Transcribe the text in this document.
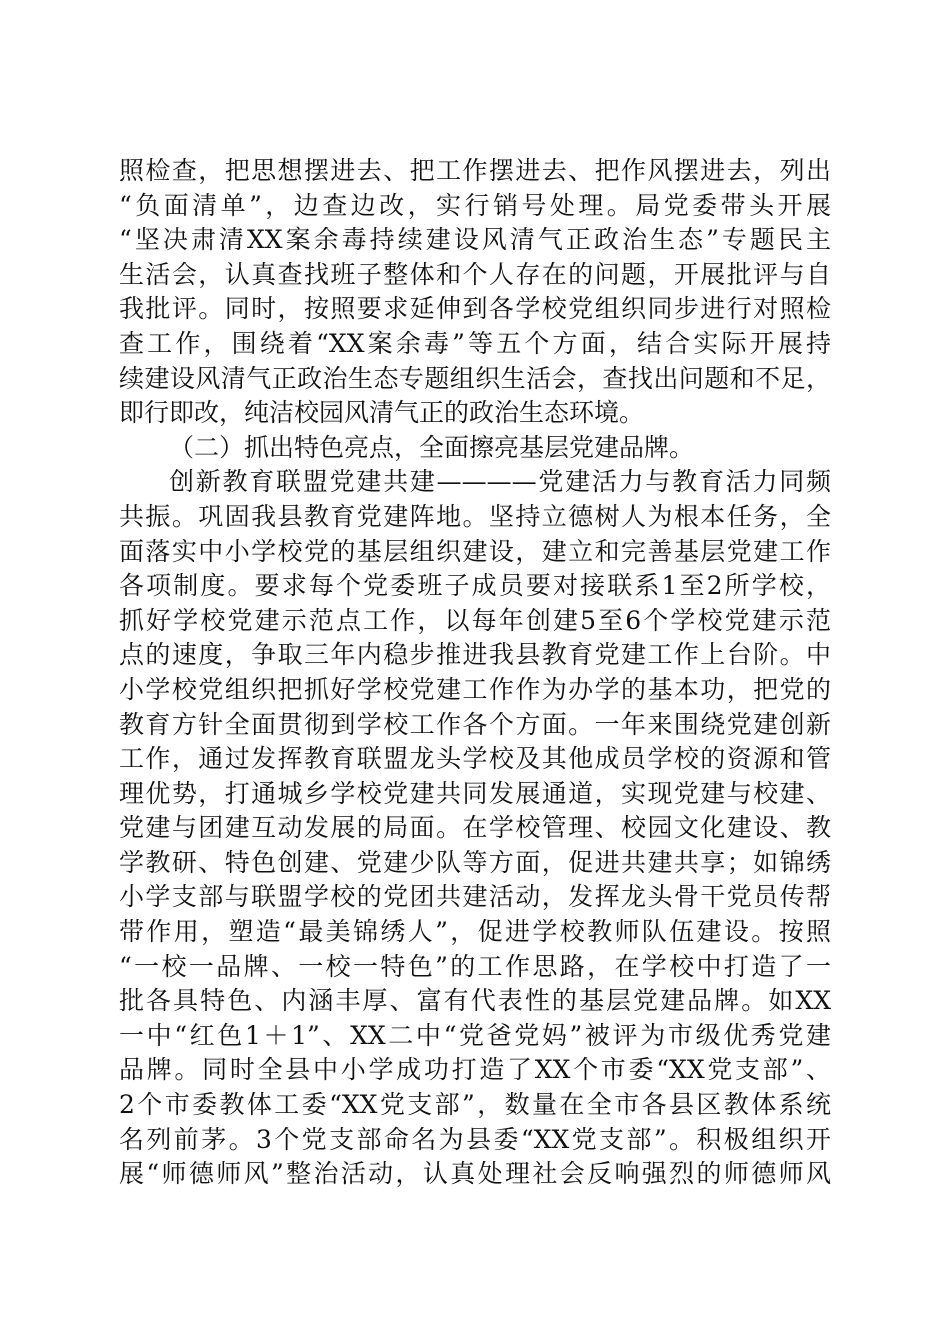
照检查，把思想摆进去、把工作摆进去、把作风摆进去，列出
“负面清单”，边查边改，实行销号处理。局党委带头开展
“坚决肃清XX案余毒持续建设风清气正政治生态”专题民主
生活会，认真查找班子整体和个人存在的问题，开展批评与自
我批评。同时，按照要求延伸到各学校党组织同步进行对照检
查工作，围绕着“XX案余毒”等五个方面，结合实际开展持
续建设风清气正政治生态专题组织生活会，查找出问题和不足，
即行即改，纯洁校园风清气正的政治生态环境。
（二）抓出特色亮点，全面擦亮基层党建品牌。
创新教育联盟党建共建————党建活力与教育活力同频
共振。巩固我县教育党建阵地。坚持立德树人为根本任务，全
面落实中小学校党的基层组织建设，建立和完善基层党建工作
各项制度。要求每个党委班子成员要对接联系1至2所学校，
抓好学校党建示范点工作，以每年创建5至6个学校党建示范
点的速度，争取三年内稳步推进我县教育党建工作上台阶。中
小学校党组织把抓好学校党建工作作为办学的基本功，把党的
教育方针全面贯彻到学校工作各个方面。一年来围绕党建创新
工作，通过发挥教育联盟龙头学校及其他成员学校的资源和管
理优势，打通城乡学校党建共同发展通道，实现党建与校建、
党建与团建互动发展的局面。在学校管理、校园文化建设、教
学教研、特色创建、党建少队等方面，促进共建共享；如锦绣
小学支部与联盟学校的党团共建活动，发挥龙头骨干党员传帮
带作用，塑造“最美锦绣人”，促进学校教师队伍建设。按照
“一校一品牌、一校一特色”的工作思路，在学校中打造了一
批各具特色、内涵丰厚、富有代表性的基层党建品牌。如XX
一中“红色1＋1”、XX二中“党爸党妈”被评为市级优秀党建
品牌。同时全县中小学成功打造了XX个市委“XX党支部”、
2个市委教体工委“XX党支部”，数量在全市各县区教体系统
名列前茅。3个党支部命名为县委“XX党支部”。积极组织开
展“师德师风”整治活动，认真处理社会反响强烈的师德师风
